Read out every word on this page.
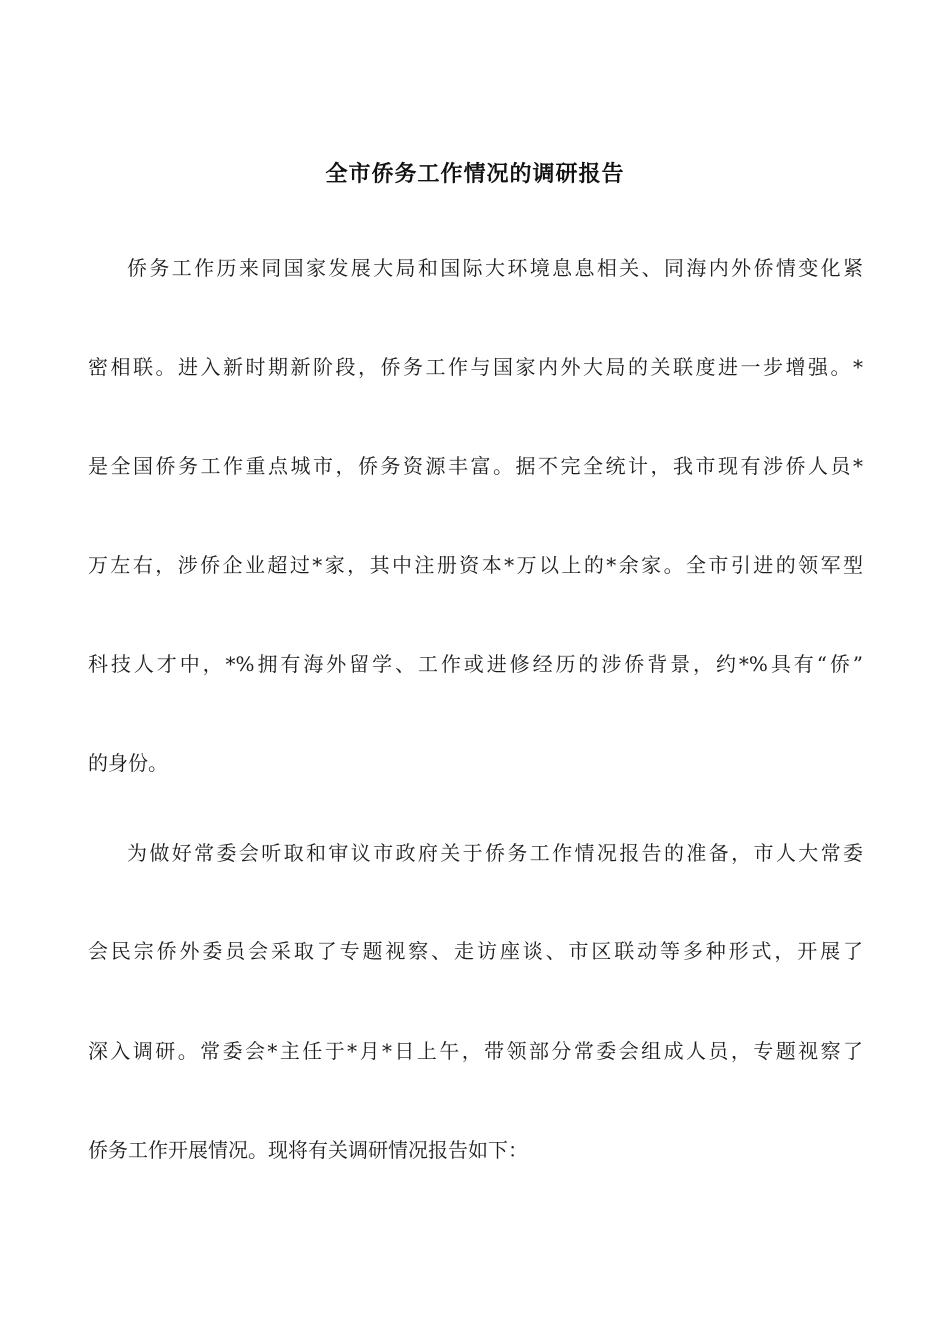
全市侨务工作情况的调研报告
侨务工作历来同国家发展大局和国际大环境息息相关、同海内外侨情变化紧
密相联。进入新时期新阶段，侨务工作与国家内外大局的关联度进一步增强。*
是全国侨务工作重点城市，侨务资源丰富。据不完全统计，我市现有涉侨人员*
万左右，涉侨企业超过*家，其中注册资本*万以上的*余家。全市引进的领军型
科技人才中，*%拥有海外留学、工作或进修经历的涉侨背景，约*%具有“侨”
的身份。
为做好常委会听取和审议市政府关于侨务工作情况报告的准备，市人大常委
会民宗侨外委员会采取了专题视察、走访座谈、市区联动等多种形式，开展了
深入调研。常委会*主任于*月*日上午，带领部分常委会组成人员，专题视察了
侨务工作开展情况。现将有关调研情况报告如下：
